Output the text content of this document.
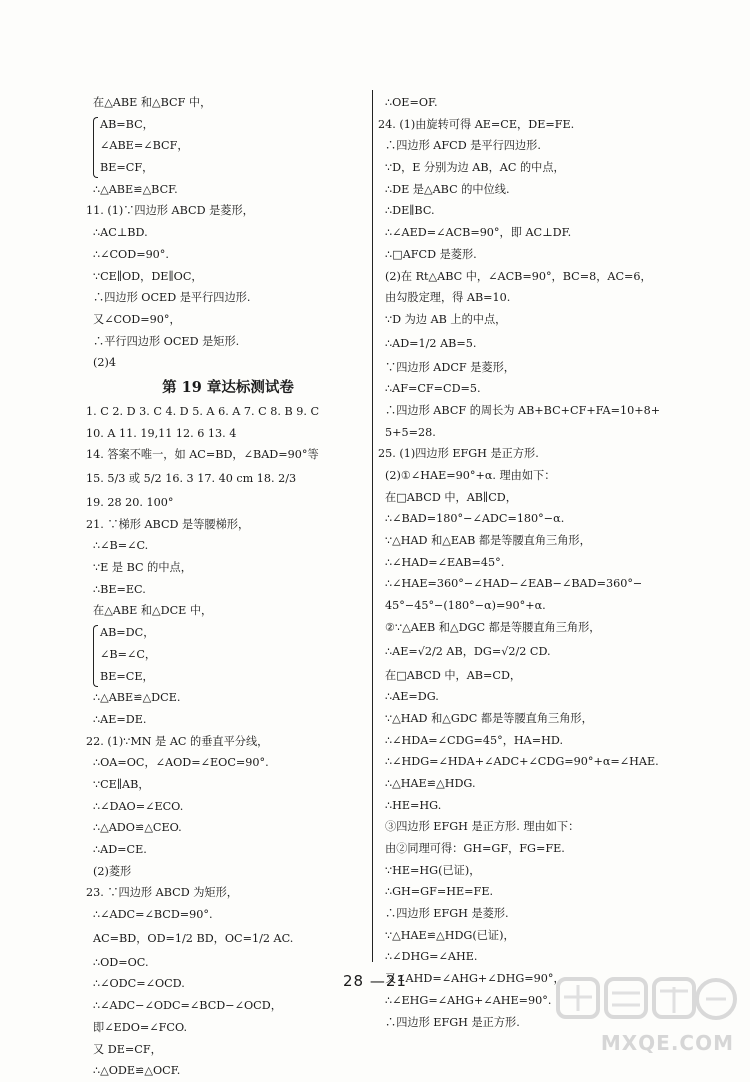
在△ABE 和△BCF 中，
AB=BC，
∠ABE=∠BCF，
BE=CF，
∴△ABE≌△BCF.
11. (1)∵四边形 ABCD 是菱形，
∴AC⊥BD.
∴∠COD=90°.
∵CE∥OD，DE∥OC，
∴四边形 OCED 是平行四边形.
又∠COD=90°，
∴平行四边形 OCED 是矩形.
(2)4
第 19 章达标测试卷
1. C 2. D 3. C 4. D 5. A 6. A 7. C 8. B 9. C
10. A 11. 19,11 12. 6 13. 4
14. 答案不唯一，如 AC=BD，∠BAD=90°等
15. 5/3 或 5/2 16. 3 17. 40 cm 18. 2/3
19. 28 20. 100°
21. ∵梯形 ABCD 是等腰梯形，
∴∠B=∠C.
∵E 是 BC 的中点，
∴BE=EC.
在△ABE 和△DCE 中，
AB=DC，
∠B=∠C，
BE=CE，
∴△ABE≌△DCE.
∴AE=DE.
22. (1)∵MN 是 AC 的垂直平分线，
∴OA=OC，∠AOD=∠EOC=90°.
∵CE∥AB，
∴∠DAO=∠ECO.
∴△ADO≌△CEO.
∴AD=CE.
(2)菱形
23. ∵四边形 ABCD 为矩形，
∴∠ADC=∠BCD=90°.
AC=BD，OD=1/2 BD，OC=1/2 AC.
∴OD=OC.
∴∠ODC=∠OCD.
∴∠ADC−∠ODC=∠BCD−∠OCD，
即∠EDO=∠FCO.
又 DE=CF，
∴△ODE≌△OCF.
∴OE=OF.
24. (1)由旋转可得 AE=CE，DE=FE.
∴四边形 AFCD 是平行四边形.
∵D，E 分别为边 AB，AC 的中点，
∴DE 是△ABC 的中位线.
∴DE∥BC.
∴∠AED=∠ACB=90°，即 AC⊥DF.
∴□AFCD 是菱形.
(2)在 Rt△ABC 中，∠ACB=90°，BC=8，AC=6，
由勾股定理，得 AB=10.
∵D 为边 AB 上的中点，
∴AD=1/2 AB=5.
∵四边形 ADCF 是菱形，
∴AF=CF=CD=5.
∴四边形 ABCF 的周长为 AB+BC+CF+FA=10+8+
5+5=28.
25. (1)四边形 EFGH 是正方形.
(2)①∠HAE=90°+α. 理由如下：
在□ABCD 中，AB∥CD，
∴∠BAD=180°−∠ADC=180°−α.
∵△HAD 和△EAB 都是等腰直角三角形，
∴∠HAD=∠EAB=45°.
∴∠HAE=360°−∠HAD−∠EAB−∠BAD=360°−
45°−45°−(180°−α)=90°+α.
②∵△AEB 和△DGC 都是等腰直角三角形，
∴AE=√2/2 AB，DG=√2/2 CD.
在□ABCD 中，AB=CD，
∴AE=DG.
∵△HAD 和△GDC 都是等腰直角三角形，
∴∠HDA=∠CDG=45°，HA=HD.
∴∠HDG=∠HDA+∠ADC+∠CDG=90°+α=∠HAE.
∴△HAE≌△HDG.
∴HE=HG.
③四边形 EFGH 是正方形. 理由如下：
由②同理可得：GH=GF，FG=FE.
∵HE=HG(已证)，
∴GH=GF=HE=FE.
∴四边形 EFGH 是菱形.
∵△HAE≌△HDG(已证)，
∴∠DHG=∠AHE.
又∠AHD=∠AHG+∠DHG=90°，
∴∠EHG=∠AHG+∠AHE=90°.
∴四边形 EFGH 是正方形.
28 —21
MXQE.COM
